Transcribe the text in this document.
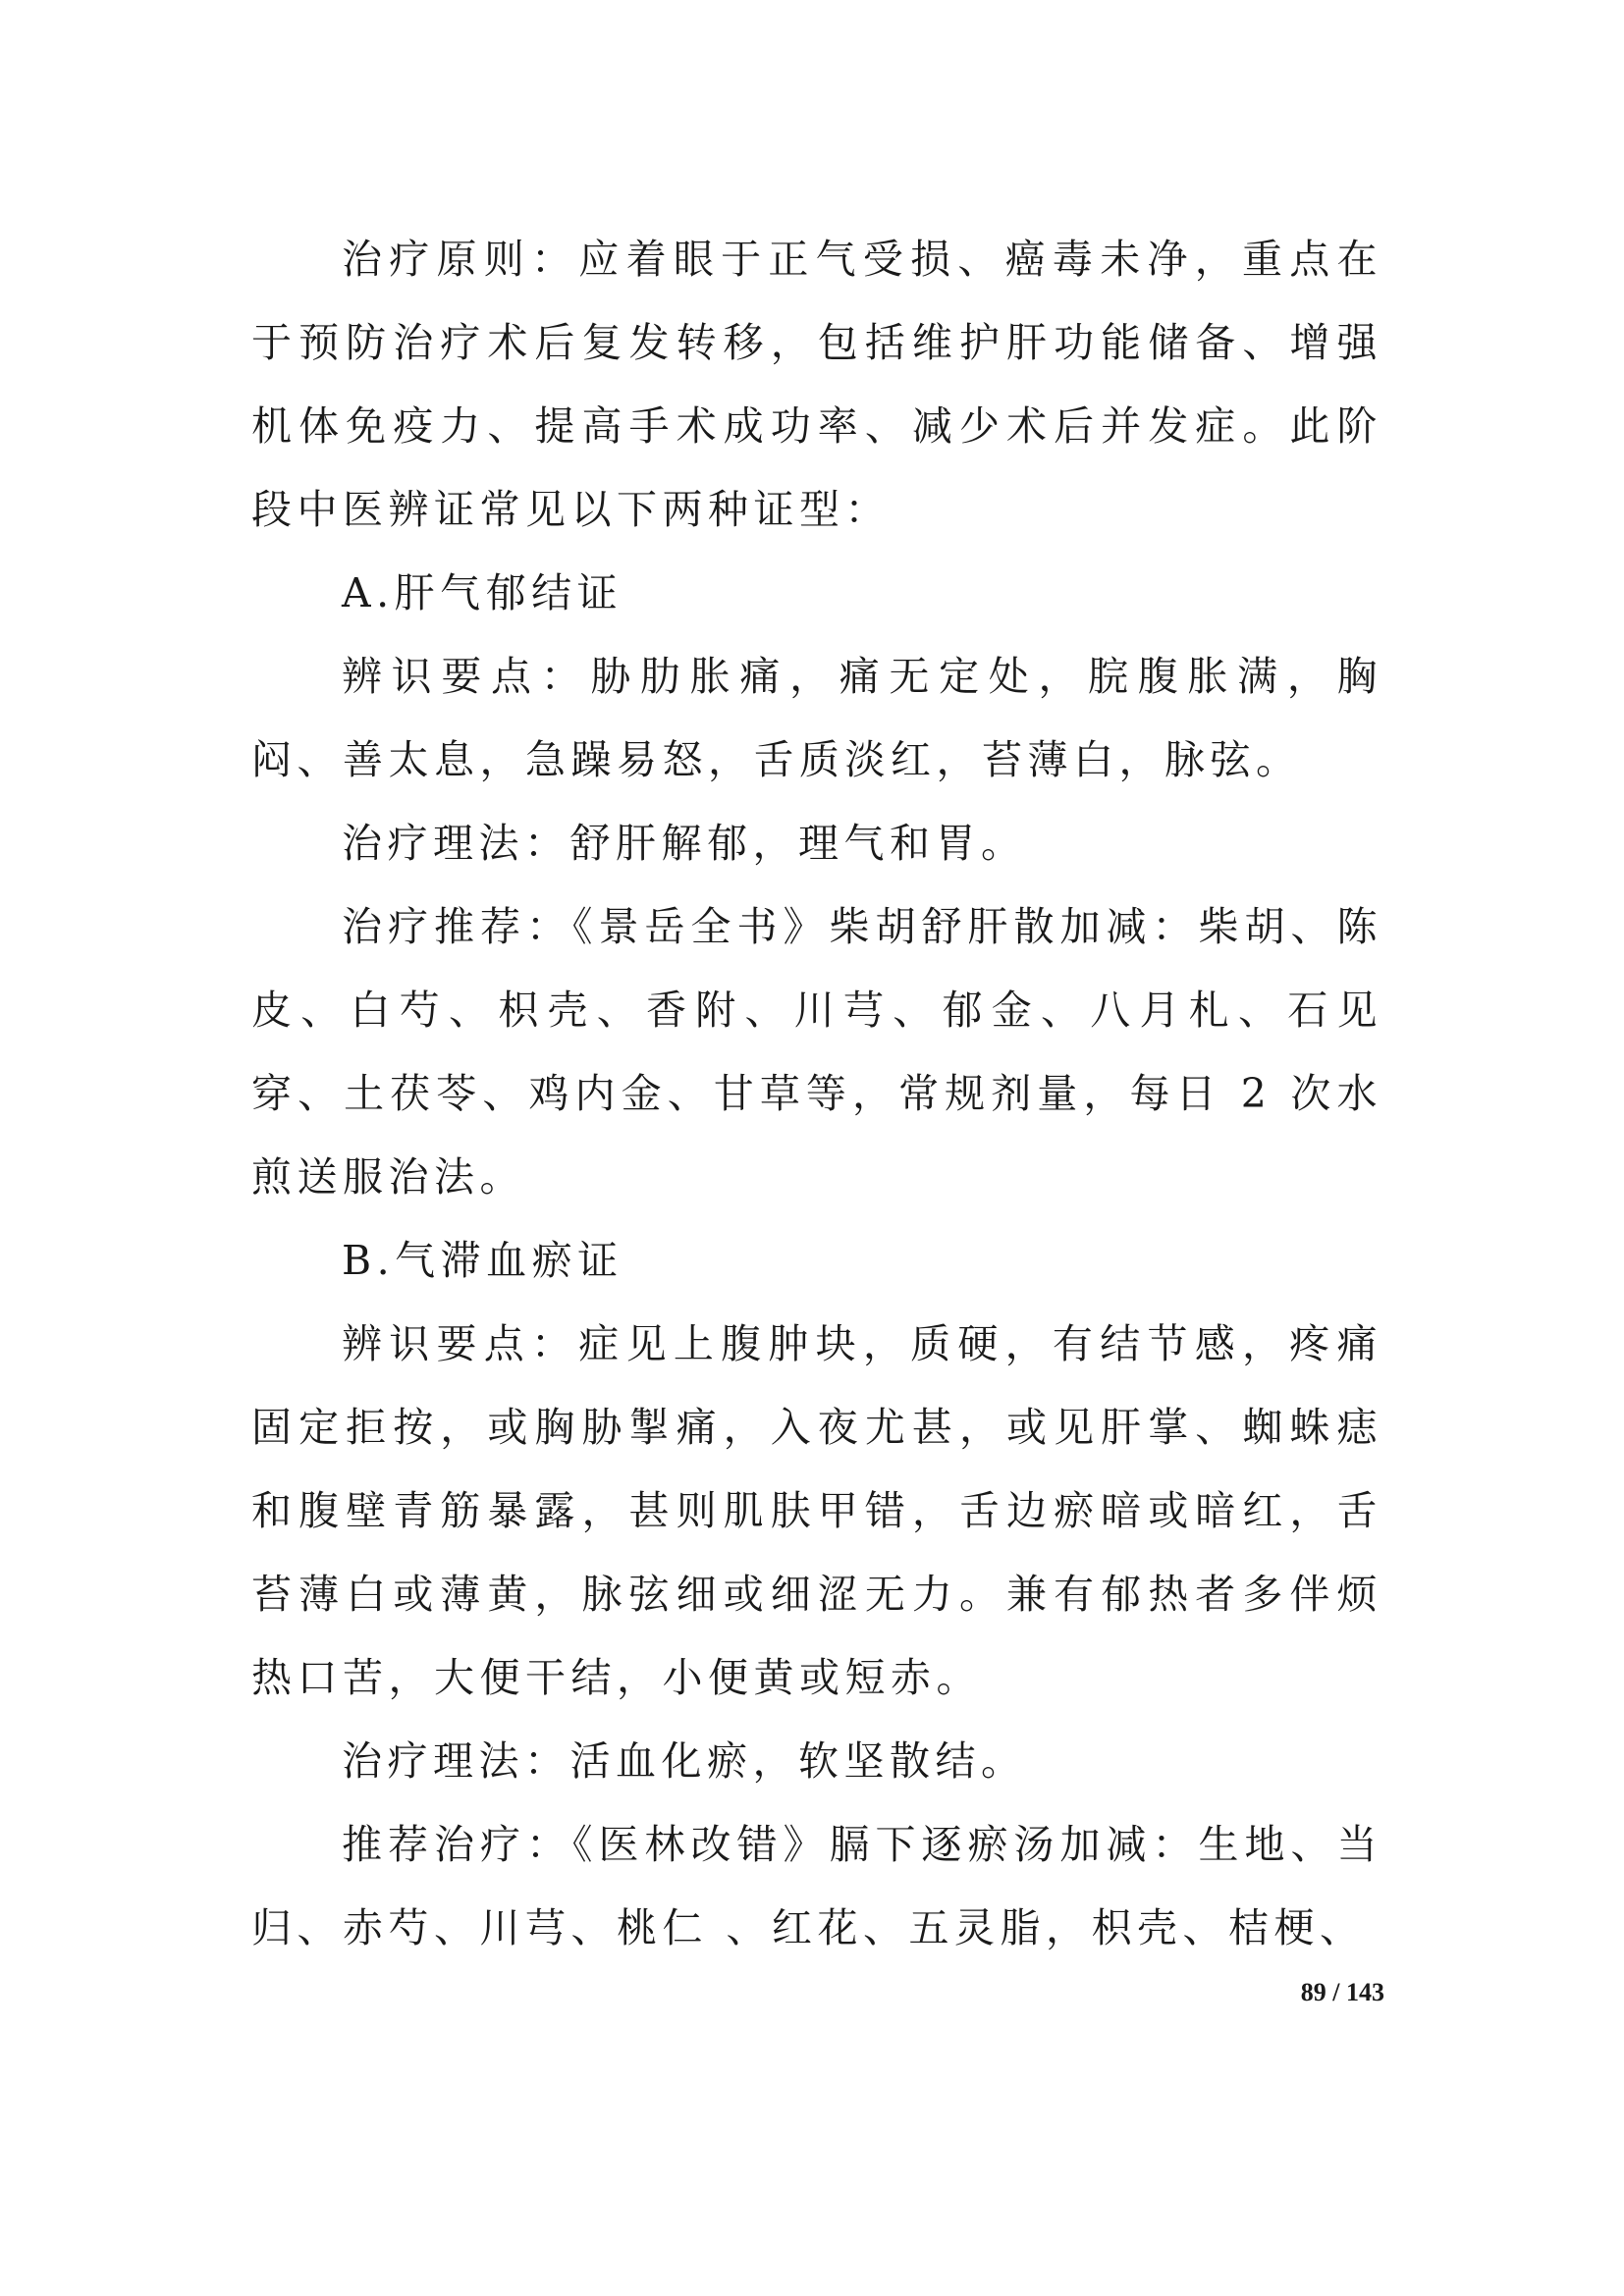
治疗原则：应着眼于正气受损、癌毒未净，重点在于预防治疗术后复发转移，包括维护肝功能储备、增强机体免疫力、提高手术成功率、减少术后并发症。此阶段中医辨证常见以下两种证型：

A.肝气郁结证

辨识要点：胁肋胀痛，痛无定处，脘腹胀满，胸闷、善太息，急躁易怒，舌质淡红，苔薄白，脉弦。

治疗理法：舒肝解郁，理气和胃。

治疗推荐：《景岳全书》柴胡舒肝散加减：柴胡、陈皮、白芍、枳壳、香附、川芎、郁金、八月札、石见穿、土茯苓、鸡内金、甘草等，常规剂量，每日 2 次水煎送服治法。

B.气滞血瘀证

辨识要点：症见上腹肿块，质硬，有结节感，疼痛固定拒按，或胸胁掣痛，入夜尤甚，或见肝掌、蜘蛛痣和腹壁青筋暴露，甚则肌肤甲错，舌边瘀暗或暗红，舌苔薄白或薄黄，脉弦细或细涩无力。兼有郁热者多伴烦热口苦，大便干结，小便黄或短赤。

治疗理法：活血化瘀，软坚散结。

推荐治疗：《医林改错》膈下逐瘀汤加减：生地、当归、赤芍、川芎、桃仁 、红花、五灵脂，枳壳、桔梗、

89 / 143
